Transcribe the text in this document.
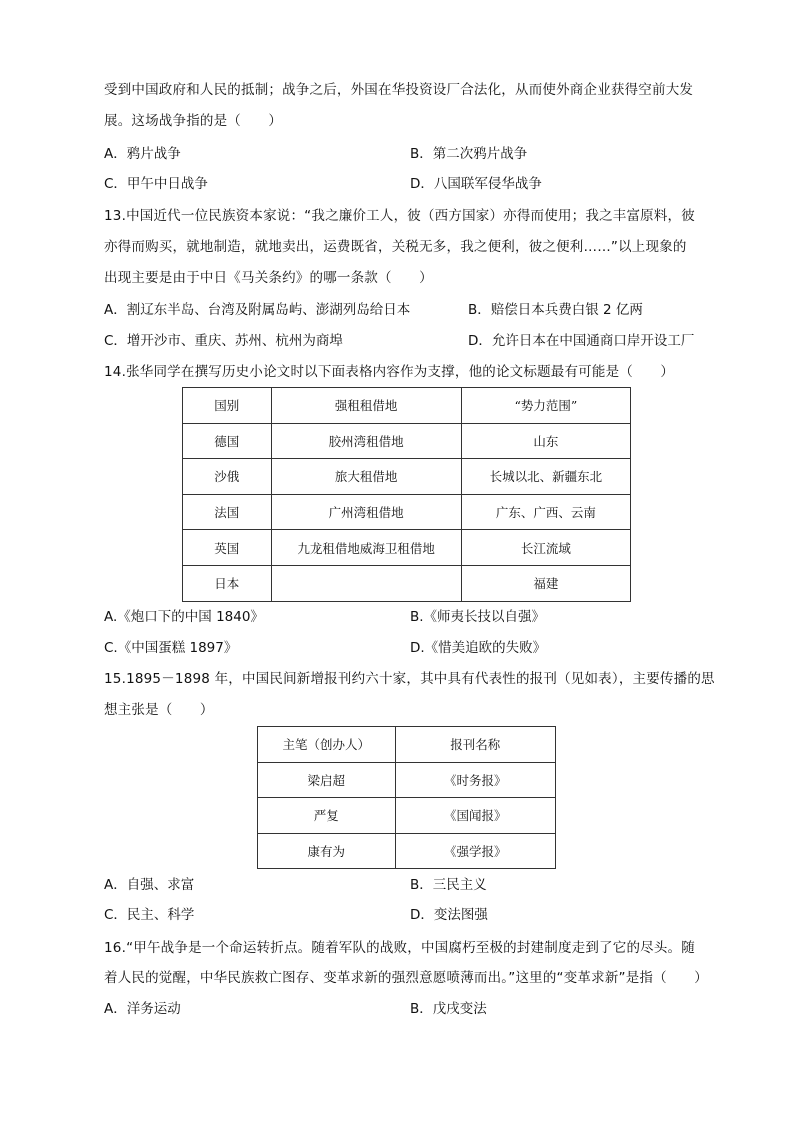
受到中国政府和人民的抵制；战争之后，外国在华投资设厂合法化，从而使外商企业获得空前大发
展。这场战争指的是（　　）
A．鸦片战争	B．第二次鸦片战争
C．甲午中日战争	D．八国联军侵华战争
13.中国近代一位民族资本家说：“我之廉价工人，彼（西方国家）亦得而使用；我之丰富原料，彼
亦得而购买，就地制造，就地卖出，运费既省，关税无多，我之便利，彼之便利……”以上现象的
出现主要是由于中日《马关条约》的哪一条款（　　）
A．割辽东半岛、台湾及附属岛屿、澎湖列岛给日本	B．赔偿日本兵费白银 2 亿两
C．增开沙市、重庆、苏州、杭州为商埠	D．允许日本在中国通商口岸开设工厂
14.张华同学在撰写历史小论文时以下面表格内容作为支撑，他的论文标题最有可能是（　　）
国别	强租租借地	“势力范围”
德国	胶州湾租借地	山东
沙俄	旅大租借地	长城以北、新疆东北
法国	广州湾租借地	广东、广西、云南
英国	九龙租借地威海卫租借地	长江流域
日本		福建
A.《炮口下的中国 1840》	B.《师夷长技以自强》
C.《中国蛋糕 1897》	D.《惜美追欧的失败》
15.1895－1898 年，中国民间新增报刊约六十家，其中具有代表性的报刊（见如表），主要传播的思
想主张是（　　）
主笔（创办人）	报刊名称
梁启超	《时务报》
严复	《国闻报》
康有为	《强学报》
A．自强、求富	B．三民主义
C．民主、科学	D．变法图强
16.“甲午战争是一个命运转折点。随着军队的战败，中国腐朽至极的封建制度走到了它的尽头。随
着人民的觉醒，中华民族救亡图存、变革求新的强烈意愿喷薄而出。”这里的“变革求新”是指（　　）
A．洋务运动	B．戊戌变法
